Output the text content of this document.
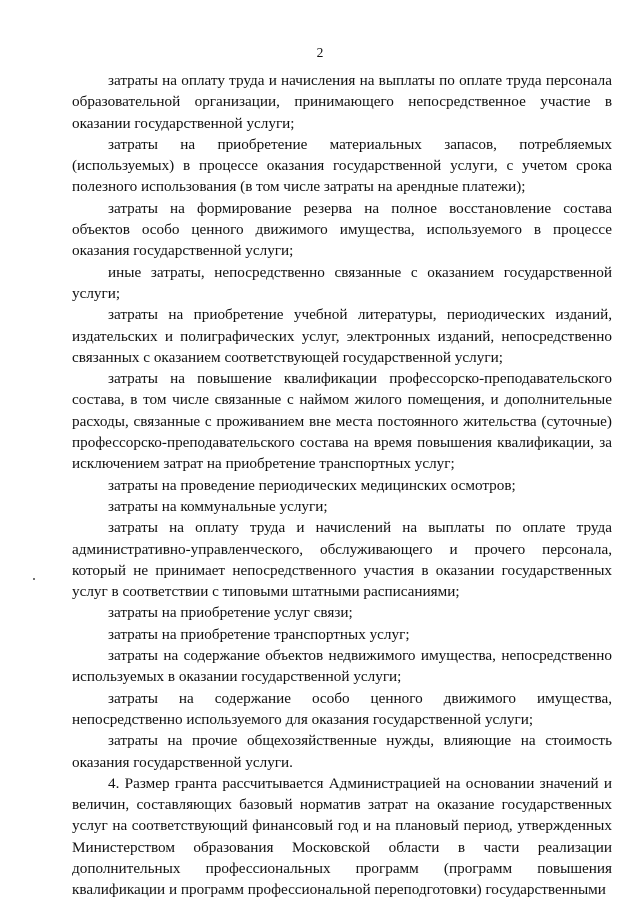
2

затраты на оплату труда и начисления на выплаты по оплате труда персонала образовательной организации, принимающего непосредственное участие в оказании государственной услуги;

затраты на приобретение материальных запасов, потребляемых (используемых) в процессе оказания государственной услуги, с учетом срока полезного использования (в том числе затраты на арендные платежи);

затраты на формирование резерва на полное восстановление состава объектов особо ценного движимого имущества, используемого в процессе оказания государственной услуги;

иные затраты, непосредственно связанные с оказанием государственной услуги;

затраты на приобретение учебной литературы, периодических изданий, издательских и полиграфических услуг, электронных изданий, непосредственно связанных с оказанием соответствующей государственной услуги;

затраты на повышение квалификации профессорско-преподавательского состава, в том числе связанные с наймом жилого помещения, и дополнительные расходы, связанные с проживанием вне места постоянного жительства (суточные) профессорско-преподавательского состава на время повышения квалификации, за исключением затрат на приобретение транспортных услуг;

затраты на проведение периодических медицинских осмотров;

затраты на коммунальные услуги;

затраты на оплату труда и начислений на выплаты по оплате труда административно-управленческого, обслуживающего и прочего персонала, который не принимает непосредственного участия в оказании государственных услуг в соответствии с типовыми штатными расписаниями;

затраты на приобретение услуг связи;

затраты на приобретение транспортных услуг;

затраты на содержание объектов недвижимого имущества, непосредственно используемых в оказании государственной услуги;

затраты на содержание особо ценного движимого имущества, непосредственно используемого для оказания государственной услуги;

затраты на прочие общехозяйственные нужды, влияющие на стоимость оказания государственной услуги.

4. Размер гранта рассчитывается Администрацией на основании значений и величин, составляющих базовый норматив затрат на оказание государственных услуг на соответствующий финансовый год и на плановый период, утвержденных Министерством образования Московской области в части реализации дополнительных профессиональных программ (программ повышения квалификации и программ профессиональной переподготовки) государственными
